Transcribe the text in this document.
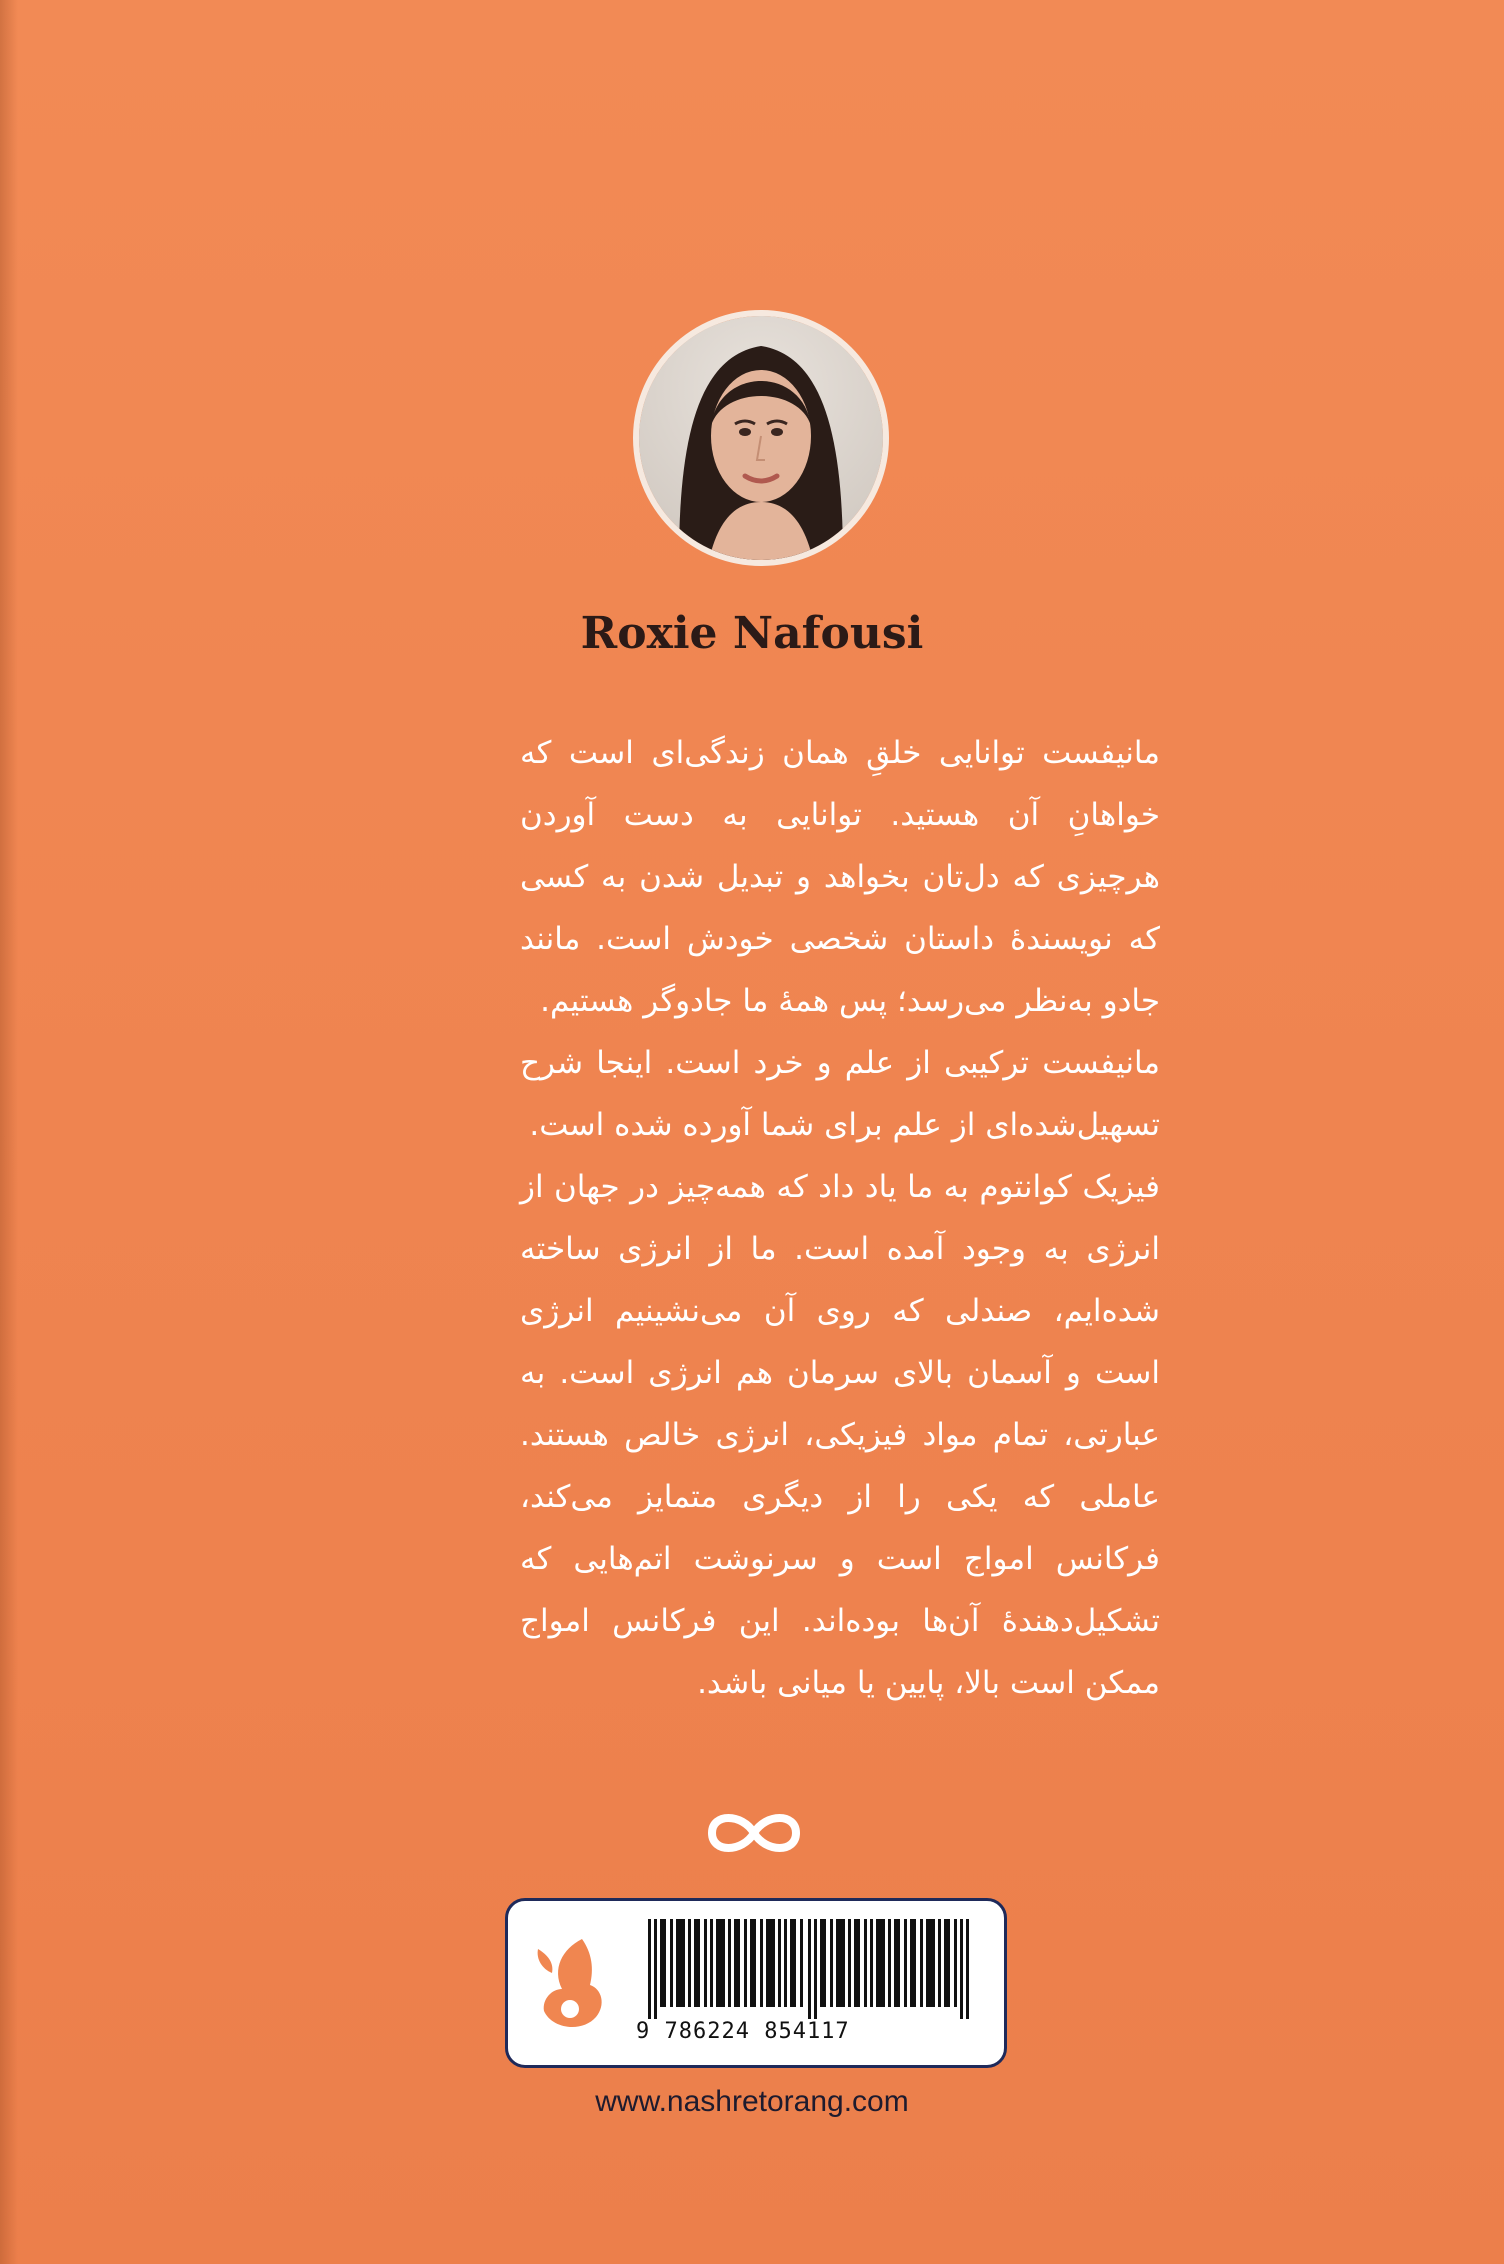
Roxie Nafousi

مانیفست توانایی خلقِ همان زندگی‌ای است که خواهانِ آن هستید. توانایی به دست آوردن هرچیزی که دل‌تان بخواهد و تبدیل شدن به کسی که نویسندهٔ داستان شخصی خودش است. مانند جادو به‌نظر می‌رسد؛ پس همهٔ ما جادوگر هستیم.

مانیفست ترکیبی از علم و خرد است. اینجا شرح تسهیل‌شده‌ای از علم برای شما آورده شده است.

فیزیک کوانتوم به ما یاد داد که همه‌چیز در جهان از انرژی به وجود آمده است. ما از انرژی ساخته شده‌ایم، صندلی که روی آن می‌نشینیم انرژی است و آسمان بالای سرمان هم انرژی است. به عبارتی، تمام مواد فیزیکی، انرژی خالص هستند. عاملی که یکی را از دیگری متمایز می‌کند، فرکانس امواج است و سرنوشت اتم‌هایی که تشکیل‌دهندهٔ آن‌ها بوده‌اند. این فرکانس امواج ممکن است بالا، پایین یا میانی باشد.

9 786224 854117
www.nashretorang.com
